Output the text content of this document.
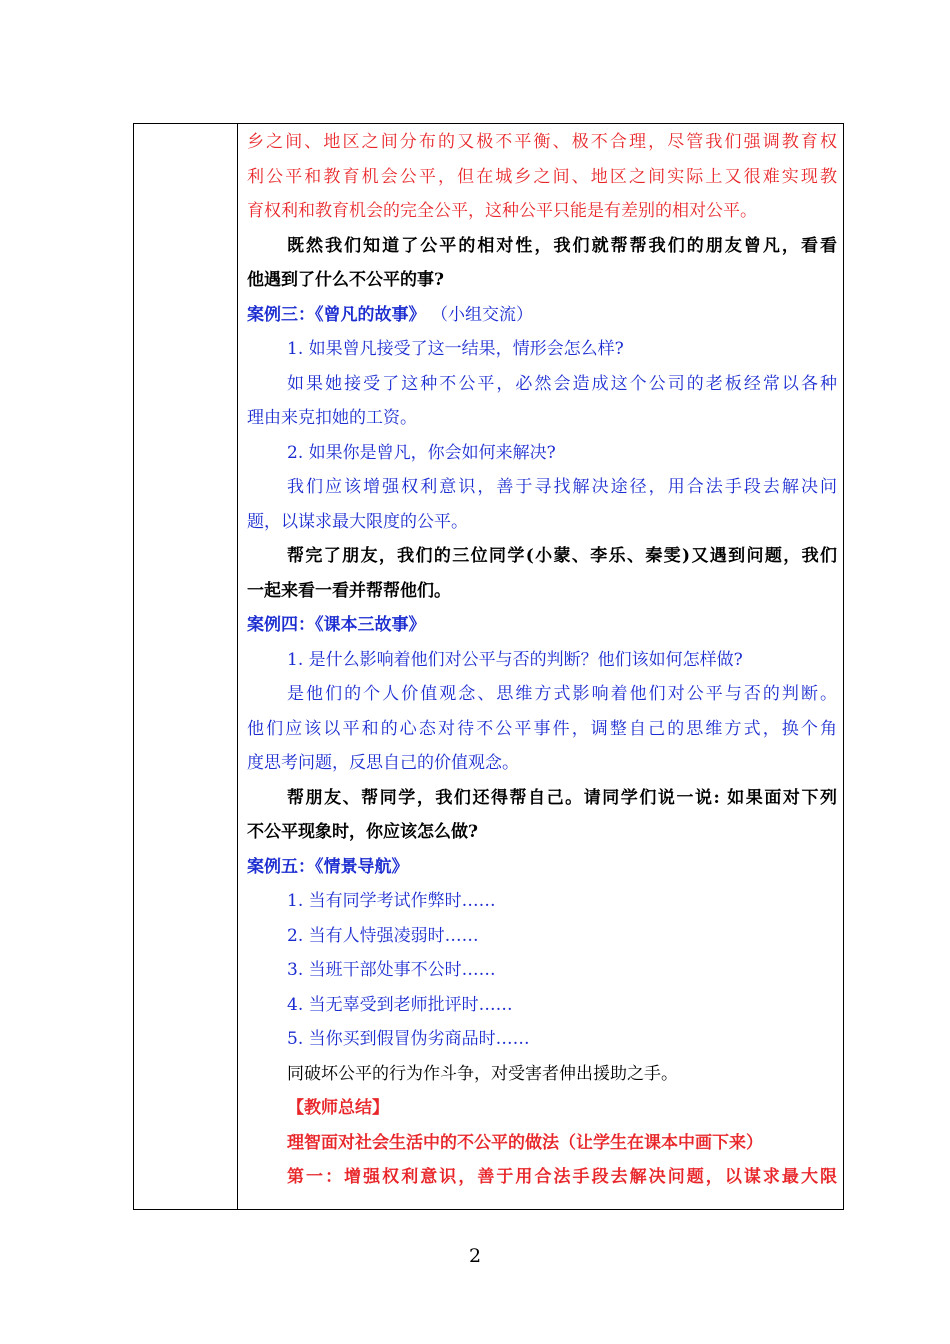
乡之间、地区之间分布的又极不平衡、极不合理，尽管我们强调教育权
利公平和教育机会公平，但在城乡之间、地区之间实际上又很难实现教
育权利和教育机会的完全公平，这种公平只能是有差别的相对公平。
既然我们知道了公平的相对性，我们就帮帮我们的朋友曾凡，看看
他遇到了什么不公平的事?
案例三：《曾凡的故事》 （小组交流）
1. 如果曾凡接受了这一结果，情形会怎么样?
如果她接受了这种不公平，必然会造成这个公司的老板经常以各种
理由来克扣她的工资。
2. 如果你是曾凡，你会如何来解决?
我们应该增强权利意识，善于寻找解决途径，用合法手段去解决问
题，以谋求最大限度的公平。
帮完了朋友，我们的三位同学(小蒙、李乐、秦雯)又遇到问题，我们
一起来看一看并帮帮他们。
案例四：《课本三故事》
1. 是什么影响着他们对公平与否的判断？他们该如何怎样做?
是他们的个人价值观念、思维方式影响着他们对公平与否的判断。
他们应该以平和的心态对待不公平事件，调整自己的思维方式，换个角
度思考问题，反思自己的价值观念。
帮朋友、帮同学，我们还得帮自己。请同学们说一说: 如果面对下列
不公平现象时，你应该怎么做?
案例五：《情景导航》
1. 当有同学考试作弊时……
2. 当有人恃强凌弱时……
3. 当班干部处事不公时……
4. 当无辜受到老师批评时……
5. 当你买到假冒伪劣商品时……
同破坏公平的行为作斗争，对受害者伸出援助之手。
【教师总结】
理智面对社会生活中的不公平的做法（让学生在课本中画下来）
第一：增强权利意识，善于用合法手段去解决问题，以谋求最大限
2
